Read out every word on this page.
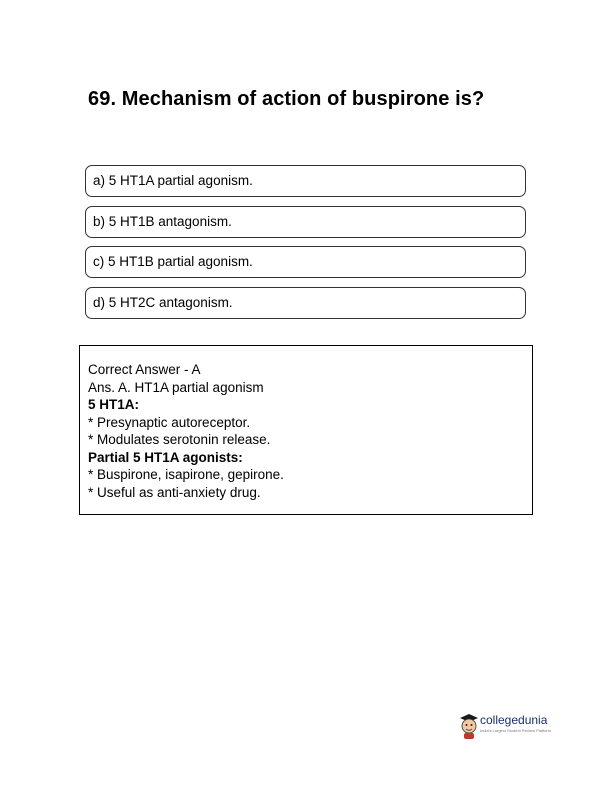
69. Mechanism of action of buspirone is?
a) 5 HT1A partial agonism.
b) 5 HT1B antagonism.
c) 5 HT1B partial agonism.
d) 5 HT2C antagonism.
Correct Answer - A
Ans. A. HT1A partial agonism
5 HT1A:
* Presynaptic autoreceptor.
* Modulates serotonin release.
Partial 5 HT1A agonists:
* Buspirone, isapirone, gepirone.
* Useful as anti-anxiety drug.
collegedunia
India's Largest Student Review Platform
